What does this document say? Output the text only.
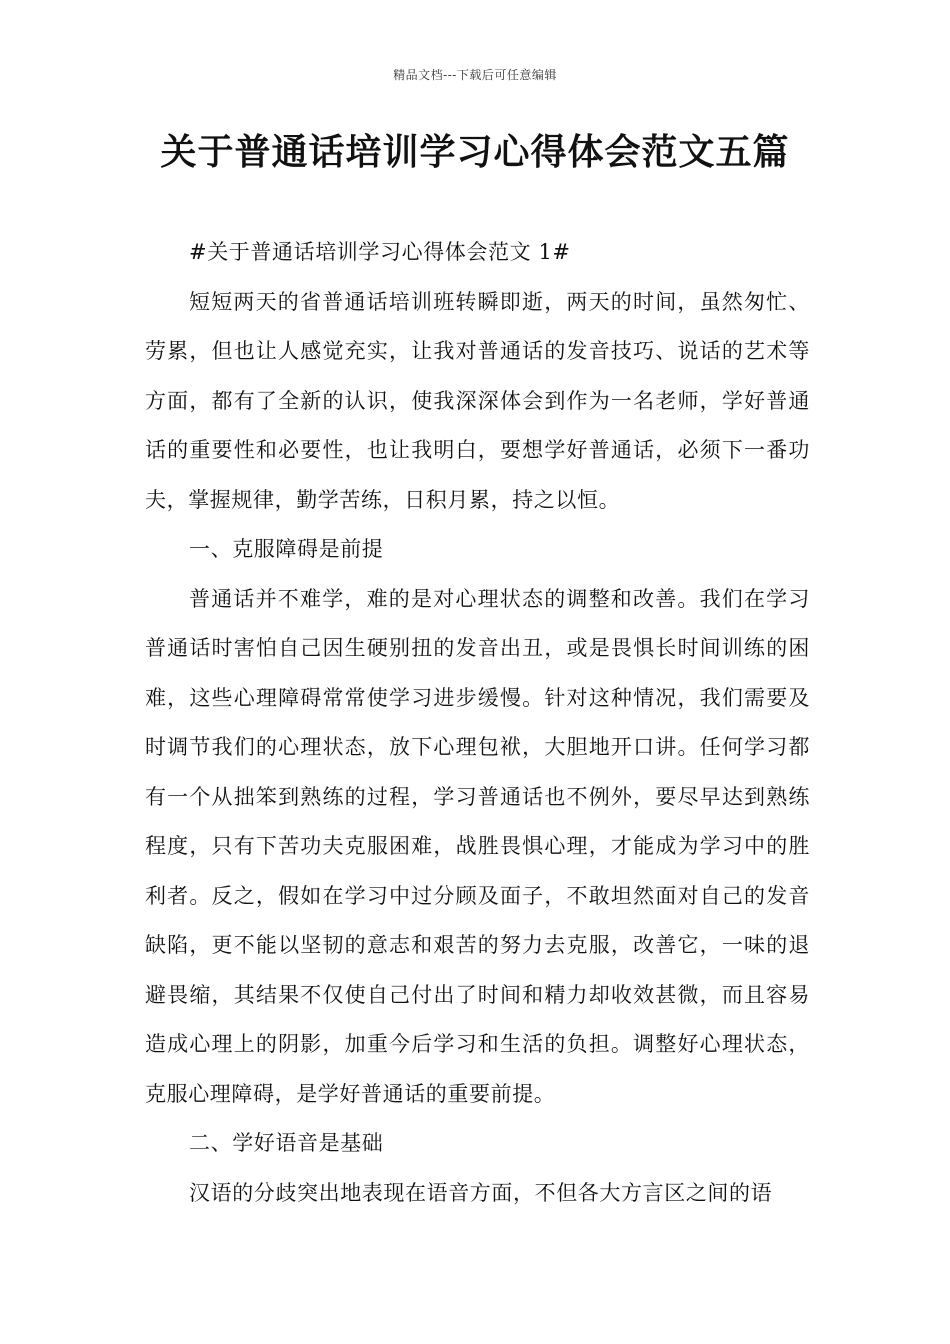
精品文档---下载后可任意编辑
关于普通话培训学习心得体会范文五篇

#关于普通话培训学习心得体会范文 1#

短短两天的省普通话培训班转瞬即逝，两天的时间，虽然匆忙、劳累，但也让人感觉充实，让我对普通话的发音技巧、说话的艺术等方面，都有了全新的认识，使我深深体会到作为一名老师，学好普通话的重要性和必要性，也让我明白，要想学好普通话，必须下一番功夫，掌握规律，勤学苦练，日积月累，持之以恒。

一、克服障碍是前提

普通话并不难学，难的是对心理状态的调整和改善。我们在学习普通话时害怕自己因生硬别扭的发音出丑，或是畏惧长时间训练的困难，这些心理障碍常常使学习进步缓慢。针对这种情况，我们需要及时调节我们的心理状态，放下心理包袱，大胆地开口讲。任何学习都有一个从拙笨到熟练的过程，学习普通话也不例外，要尽早达到熟练程度，只有下苦功夫克服困难，战胜畏惧心理，才能成为学习中的胜利者。反之，假如在学习中过分顾及面子，不敢坦然面对自己的发音缺陷，更不能以坚韧的意志和艰苦的努力去克服，改善它，一味的退避畏缩，其结果不仅使自己付出了时间和精力却收效甚微，而且容易造成心理上的阴影，加重今后学习和生活的负担。调整好心理状态，克服心理障碍，是学好普通话的重要前提。

二、学好语音是基础

汉语的分歧突出地表现在语音方面，不但各大方言区之间的语
